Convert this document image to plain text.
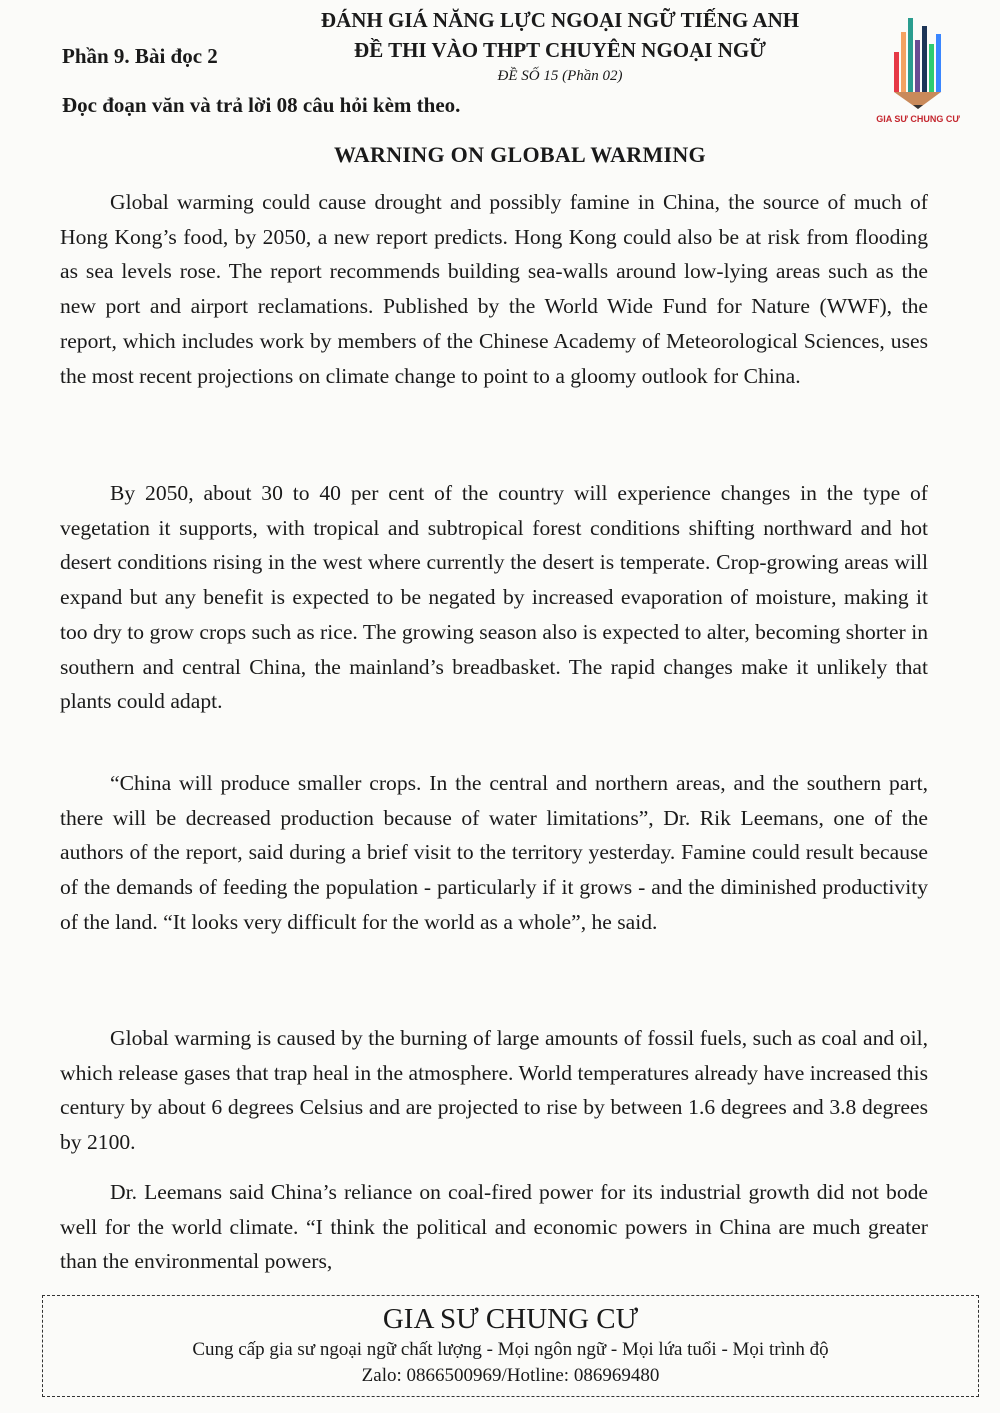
ĐÁNH GIÁ NĂNG LỰC NGOẠI NGỮ TIẾNG ANH
ĐỀ THI VÀO THPT CHUYÊN NGOẠI NGỮ
ĐỀ SỐ 15 (Phần 02)
Phần 9. Bài đọc 2
Đọc đoạn văn và trả lời 08 câu hỏi kèm theo.
GIA SƯ CHUNG CƯ
WARNING ON GLOBAL WARMING

Global warming could cause drought and possibly famine in China, the source of much of Hong Kong’s food, by 2050, a new report predicts. Hong Kong could also be at risk from flooding as sea levels rose. The report recommends building sea-walls around low-lying areas such as the new port and airport reclamations. Published by the World Wide Fund for Nature (WWF), the report, which includes work by members of the Chinese Academy of Meteorological Sciences, uses the most recent projections on climate change to point to a gloomy outlook for China.

By 2050, about 30 to 40 per cent of the country will experience changes in the type of vegetation it supports, with tropical and subtropical forest conditions shifting northward and hot desert conditions rising in the west where currently the desert is temperate. Crop-growing areas will expand but any benefit is expected to be negated by increased evaporation of moisture, making it too dry to grow crops such as rice. The growing season also is expected to alter, becoming shorter in southern and central China, the mainland’s breadbasket. The rapid changes make it unlikely that plants could adapt.

“China will produce smaller crops. In the central and northern areas, and the southern part, there will be decreased production because of water limitations”, Dr. Rik Leemans, one of the authors of the report, said during a brief visit to the territory yesterday. Famine could result because of the demands of feeding the population - particularly if it grows - and the diminished productivity of the land. “It looks very difficult for the world as a whole”, he said.

Global warming is caused by the burning of large amounts of fossil fuels, such as coal and oil, which release gases that trap heal in the atmosphere. World temperatures already have increased this century by about 6 degrees Celsius and are projected to rise by between 1.6 degrees and 3.8 degrees by 2100.

Dr. Leemans said China’s reliance on coal-fired power for its industrial growth did not bode well for the world climate. “I think the political and economic powers in China are much greater than the environmental powers,

GIA SƯ CHUNG CƯ
Cung cấp gia sư ngoại ngữ chất lượng - Mọi ngôn ngữ - Mọi lứa tuổi - Mọi trình độ
Zalo: 0866500969/Hotline: 086969480
